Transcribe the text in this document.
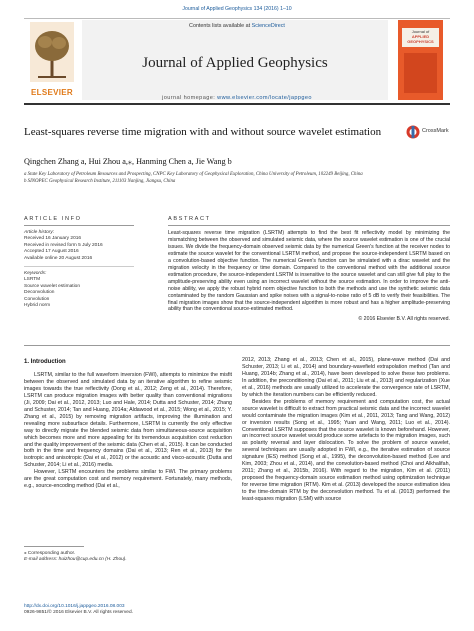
Journal of Applied Geophysics 134 (2016) 1–10
Contents lists available at ScienceDirect
Journal of Applied Geophysics
ELSEVIER
Journal of
APPLIED
GEOPHYSICS
journal homepage: www.elsevier.com/locate/jappgeo
Least-squares reverse time migration with and without source wavelet estimation	CrossMark
Qingchen Zhang a, Hui Zhou a,⁎, Hanming Chen a, Jie Wang b
a State Key Laboratory of Petroleum Resources and Prospecting, CNPC Key Laboratory of Geophysical Exploration, China University of Petroleum, 102249 Beijing, China
b SINOPEC Geophysical Research Institute, 211103 Nanjing, Jiangsu, China
ARTICLE INFO
Article history:
Received 16 January 2016
Received in revised form 5 July 2016
Accepted 17 August 2016
Available online 20 August 2016
Keywords:
LSRTM
Source wavelet estimation
Deconvolution
Convolution
Hybrid norm
ABSTRACT

Least-squares reverse time migration (LSRTM) attempts to find the best fit reflectivity model by minimizing the mismatching between the observed and simulated seismic data, where the source wavelet estimation is one of the crucial issues. We divide the frequency-domain observed seismic data by the numerical Green's function at the receiver nodes to estimate the source wavelet for the conventional LSRTM method, and propose the source-independent LSRTM based on a convolution-based objective function. The numerical Green's function can be simulated with a dirac wavelet and the migration velocity in the frequency or time domain. Compared to the conventional method with the additional source estimation procedure, the source-independent LSRTM is insensitive to the source wavelet and can still give full play to the amplitude-preserving ability even using an incorrect wavelet without the source estimation. In order to improve the anti-noise ability, we apply the robust hybrid norm objective function to both the methods and use the synthetic seismic data contaminated by the random Gaussian and spike noises with a signal-to-noise ratio of 5 dB to verify their feasibilities. The final migration images show that the source-independent algorithm is more robust and has a higher amplitude-preserving ability than the conventional source-estimated method.

© 2016 Elsevier B.V. All rights reserved.
1. Introduction

LSRTM, similar to the full waveform inversion (FWI), attempts to minimize the misfit between the observed and simulated data by an iterative algorithm to refine seismic images towards the true reflectivity (Dong et al., 2012; Zeng et al., 2014). Therefore, LSRTM can produce migration images with better quality than conventional migrations (Ji, 2009; Dai et al., 2012, 2013; Luo and Hale, 2014; Dutta and Schuster, 2014; Zhang and Schuster, 2014; Tan and Huang, 2014a; Aldawood et al., 2015; Wong et al., 2015; Y. Zhang et al., 2015) by removing migration artifacts, improving the illumination and revealing more subsurface details. Furthermore, LSRTM is currently the only effective way to directly migrate the blended seismic data from simultaneous-source acquisition which becomes more and more appealing for its tremendous acquisition cost reduction and the quality improvement of the seismic data (Chen et al., 2015). It can be conducted both in the time and frequency domains (Dai et al., 2013; Ren et al., 2013) for the isotropic and anisotropic (Dai et al., 2012) or the acoustic and visco-acoustic (Dutta and Schuster, 2014; Li et al., 2016) media.

However, LSRTM encounters the problems similar to FWI. The primary problems are the great computation cost and memory requirement. Fortunately, many methods, e.g., source-encoding method (Dai et al.,

2012, 2013; Zhang et al., 2013; Chen et al., 2015), plane-wave method (Dai and Schuster, 2013; Li et al., 2014) and boundary-wavefield extrapolation method (Tan and Huang, 2014b; Zhang et al., 2014), have been developed to solve these two problems. In addition, the preconditioning (Dai et al., 2011; Liu et al., 2013) and regularization (Xue et al., 2016) methods are usually utilized to accelerate the convergence rate of LSRTM, by which the iteration numbers can be efficiently reduced.

Besides the problems of memory requirement and computation cost, the actual source wavelet is difficult to extract from practical seismic data and the incorrect wavelet would contaminate the migration images (Kim et al., 2011, 2013; Tang and Wang, 2012) or inversion results (Song et al., 1995; Yuan and Wang, 2011; Luo et al., 2014). Conventional LSRTM supposes that the source wavelet is known beforehand. However, an incorrect source wavelet would produce some artefacts to the migration images, such as polarity reversal and layer dislocation. To solve the problem of source wavelet, several techniques are usually adopted in FWI, e.g., the iterative estimation of source signature (IES) method (Song et al., 1995), the deconvolution-based method (Lee and Kim, 2003; Zhou et al., 2014), and the convolution-based method (Choi and Alkhalifah, 2011; Zhang et al., 2015b, 2016). With regard to the migration, Kim et al. (2011) proposed the frequency-domain source estimation method using optimization technique for reverse time migration (RTM). Kim et al. (2013) developed the source estimation idea to the time-domain RTM by the deconvolution method. Tu et al. (2013) performed the least-squares migration (LSM) with source

⁎ Corresponding author.
E-mail address: huizhou@cup.edu.cn (H. Zhou).
http://dx.doi.org/10.1016/j.jappgeo.2016.08.003
0926-9851/© 2016 Elsevier B.V. All rights reserved.
